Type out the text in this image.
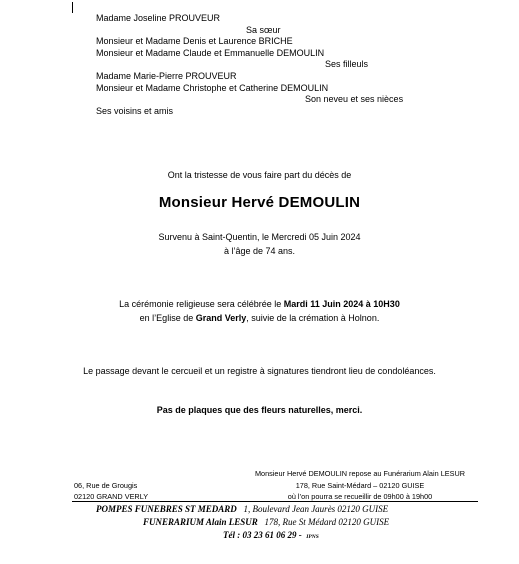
Madame Joseline PROUVEUR
Sa sœur
Monsieur et Madame Denis et Laurence BRICHE
Monsieur et Madame Claude et Emmanuelle DEMOULIN
Ses filleuls
Madame Marie-Pierre PROUVEUR
Monsieur et Madame Christophe et Catherine DEMOULIN
Son neveu et ses nièces
Ses voisins et amis
Ont la tristesse de vous faire part du décès de
Monsieur Hervé DEMOULIN
Survenu à Saint-Quentin, le Mercredi 05 Juin 2024
à l’âge de 74 ans.
La cérémonie religieuse sera célébrée le Mardi 11 Juin 2024 à 10H30
en l’Eglise de Grand Verly, suivie de la crémation à Holnon.
Le passage devant le cercueil et un registre à signatures tiendront lieu de condoléances.
Pas de plaques que des fleurs naturelles, merci.
06, Rue de Grougis
02120 GRAND VERLY
Monsieur Hervé DEMOULIN repose au Funérarium Alain LESUR
178, Rue Saint-Médard – 02120 GUISE
où l’on pourra se recueillir de 09h00 à 19h00
POMPES FUNEBRES ST MEDARD 1, Boulevard Jean Jaurès 02120 GUISE
FUNERARIUM Alain LESUR 178, Rue St Médard 02120 GUISE
Tél : 03 23 61 06 29 - IPNS
